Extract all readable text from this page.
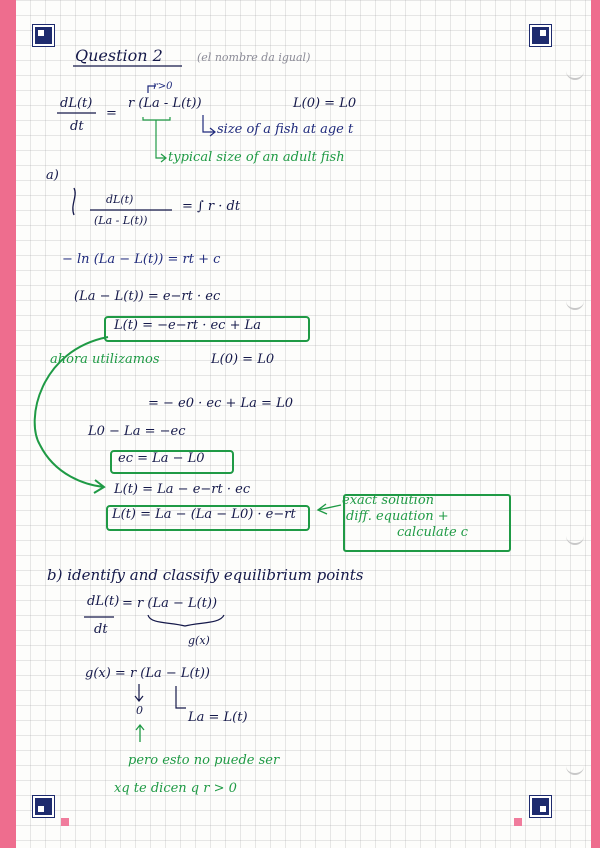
Question 2	(el nombre da igual)
dL(t)
dt
=
r (La - L(t))
r>0
L(0) = L0
size of a fish at age t
typical size of an adult fish
a)
dL(t)
(La - L(t))
= ∫ r · dt
− ln (La − L(t)) = rt + c
(La − L(t)) = e−rt · ec
L(t) = −e−rt · ec + La
ahora utilizamos	L(0) = L0
= − e0 · ec + La = L0
L0 − La = −ec
ec = La − L0
L(t) = La − e−rt · ec
L(t) = La − (La − L0) · e−rt
exact solution
diff. equation +
calculate c
b) identify and classify equilibrium points
dL(t)
dt
= r (La − L(t))
g(x)
g(x) = r (La − L(t))
0	La = L(t)
pero esto no puede ser
xq te dicen q r > 0
